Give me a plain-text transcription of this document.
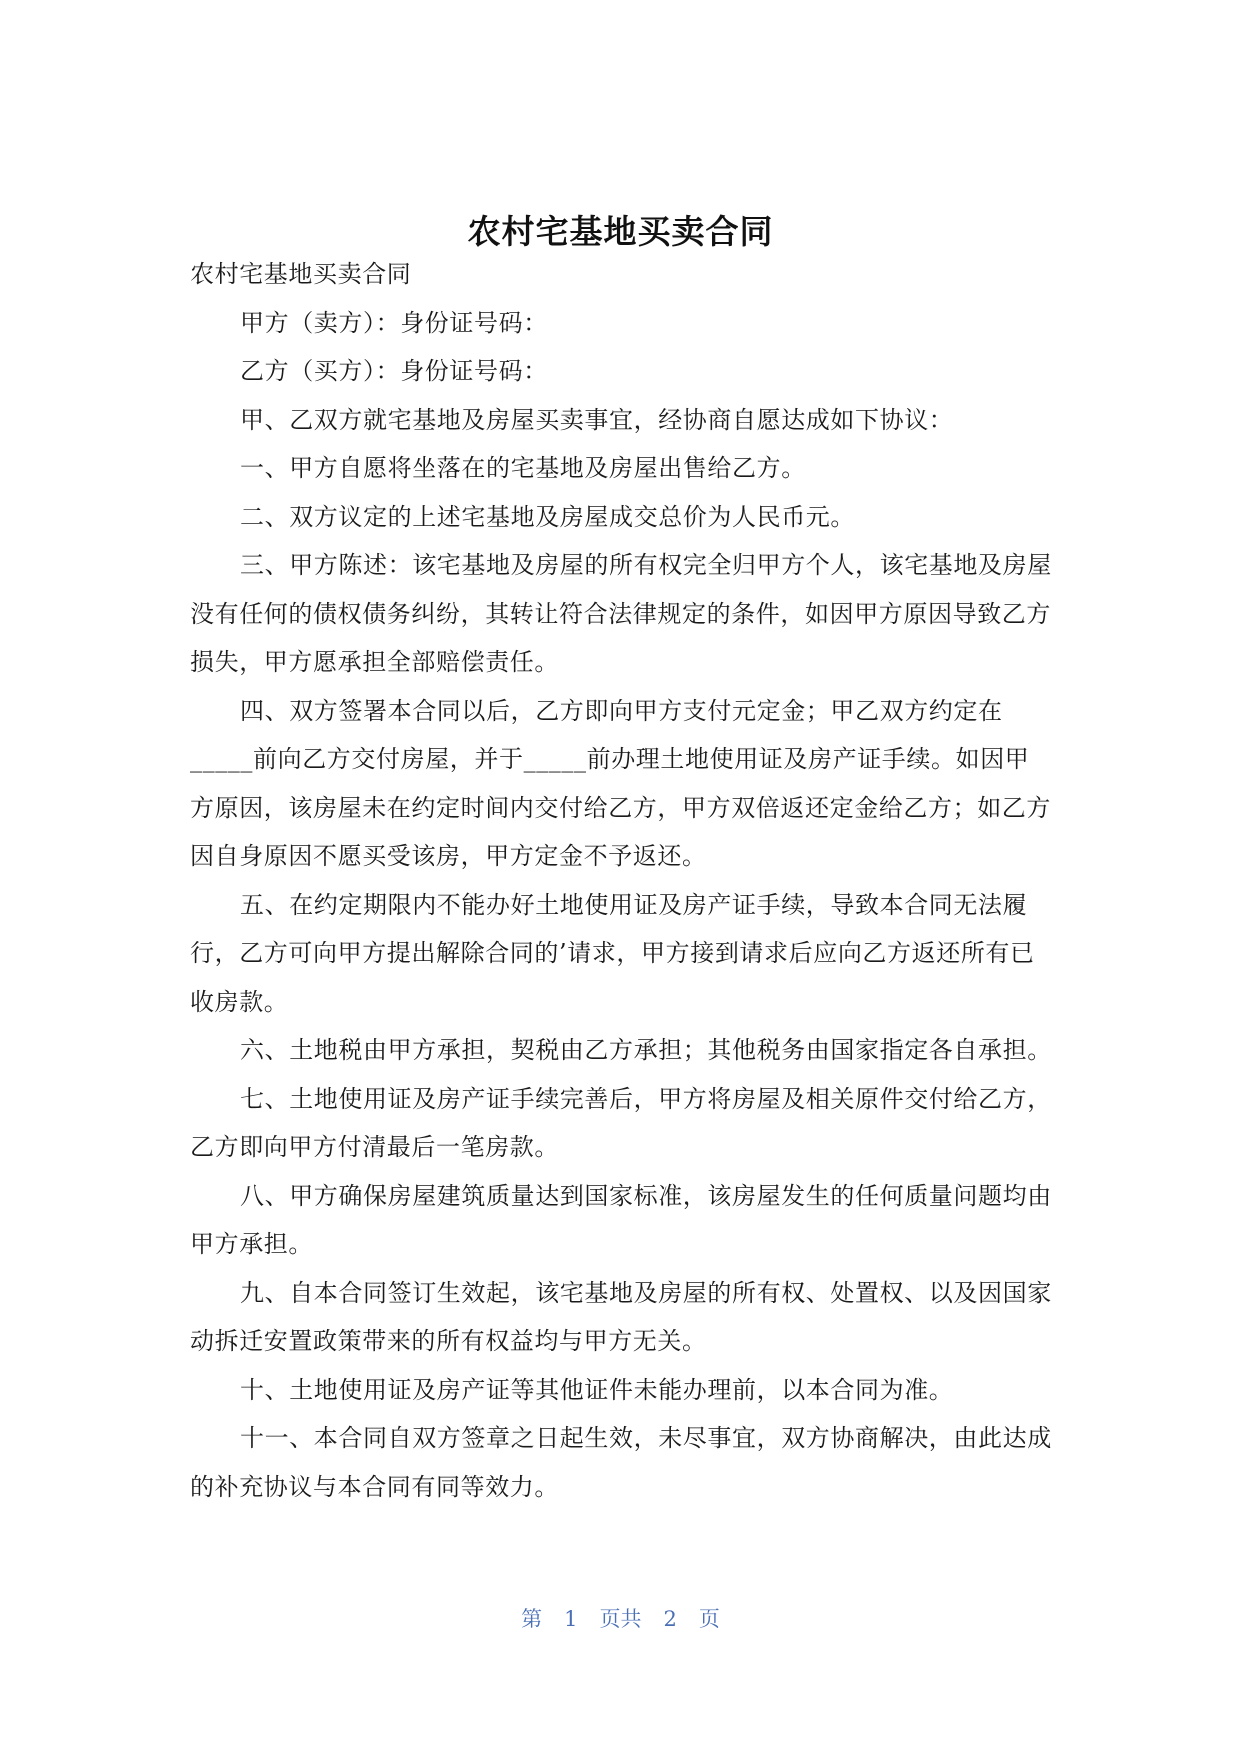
农村宅基地买卖合同

农村宅基地买卖合同

甲方（卖方）：身份证号码：

乙方（买方）：身份证号码：

甲、乙双方就宅基地及房屋买卖事宜，经协商自愿达成如下协议：

一、甲方自愿将坐落在的宅基地及房屋出售给乙方。

二、双方议定的上述宅基地及房屋成交总价为人民币元。

三、甲方陈述：该宅基地及房屋的所有权完全归甲方个人，该宅基地及房屋没有任何的债权债务纠纷，其转让符合法律规定的条件，如因甲方原因导致乙方损失，甲方愿承担全部赔偿责任。

四、双方签署本合同以后，乙方即向甲方支付元定金；甲乙双方约定在_____前向乙方交付房屋，并于_____前办理土地使用证及房产证手续。如因甲方原因，该房屋未在约定时间内交付给乙方，甲方双倍返还定金给乙方；如乙方因自身原因不愿买受该房，甲方定金不予返还。

五、在约定期限内不能办好土地使用证及房产证手续，导致本合同无法履行，乙方可向甲方提出解除合同的’请求，甲方接到请求后应向乙方返还所有已收房款。

六、土地税由甲方承担，契税由乙方承担；其他税务由国家指定各自承担。

七、土地使用证及房产证手续完善后，甲方将房屋及相关原件交付给乙方，乙方即向甲方付清最后一笔房款。

八、甲方确保房屋建筑质量达到国家标准，该房屋发生的任何质量问题均由甲方承担。

九、自本合同签订生效起，该宅基地及房屋的所有权、处置权、以及因国家动拆迁安置政策带来的所有权益均与甲方无关。

十、土地使用证及房产证等其他证件未能办理前，以本合同为准。

十一、本合同自双方签章之日起生效，未尽事宜，双方协商解决，由此达成的补充协议与本合同有同等效力。

第 1 页共 2 页
